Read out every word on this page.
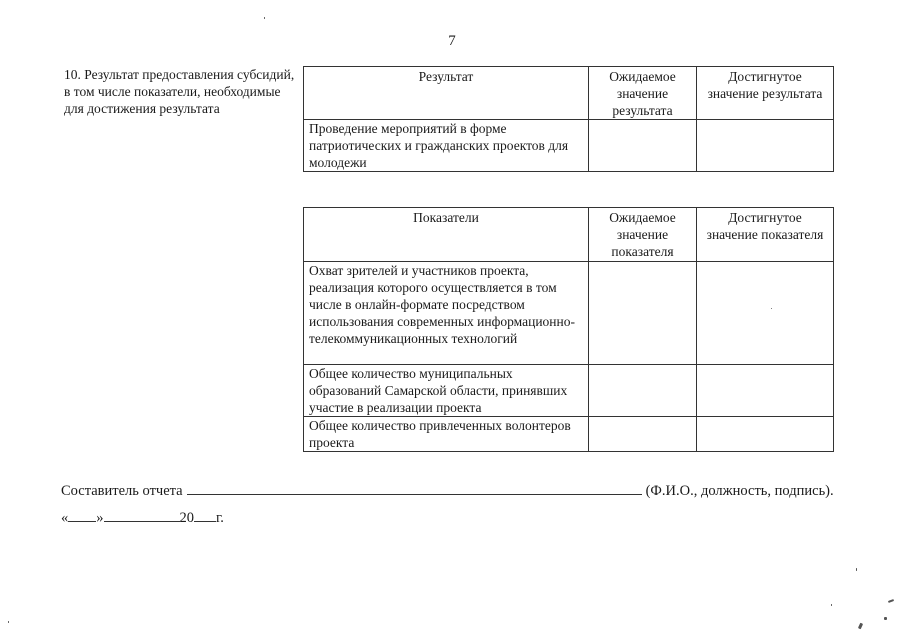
7
10. Результат предоставления субсидий, в том числе показатели, необходимые для достижения результата
Результат	Ожидаемое значение результата	Достигнутое значение результата
Проведение мероприятий в форме патриотических и гражданских проектов для молодежи		
Показатели	Ожидаемое значение показателя	Достигнутое значение показателя
Охват зрителей и участников проекта, реализация которого осуществляется в том числе в онлайн-формате посредством использования современных информационно-телекоммуникационных технологий		
Общее количество муниципальных образований Самарской области, принявших участие в реализации проекта		
Общее количество привлеченных волонтеров проекта		
Составитель отчета	(Ф.И.О., должность, подпись).
« »	20 г.
